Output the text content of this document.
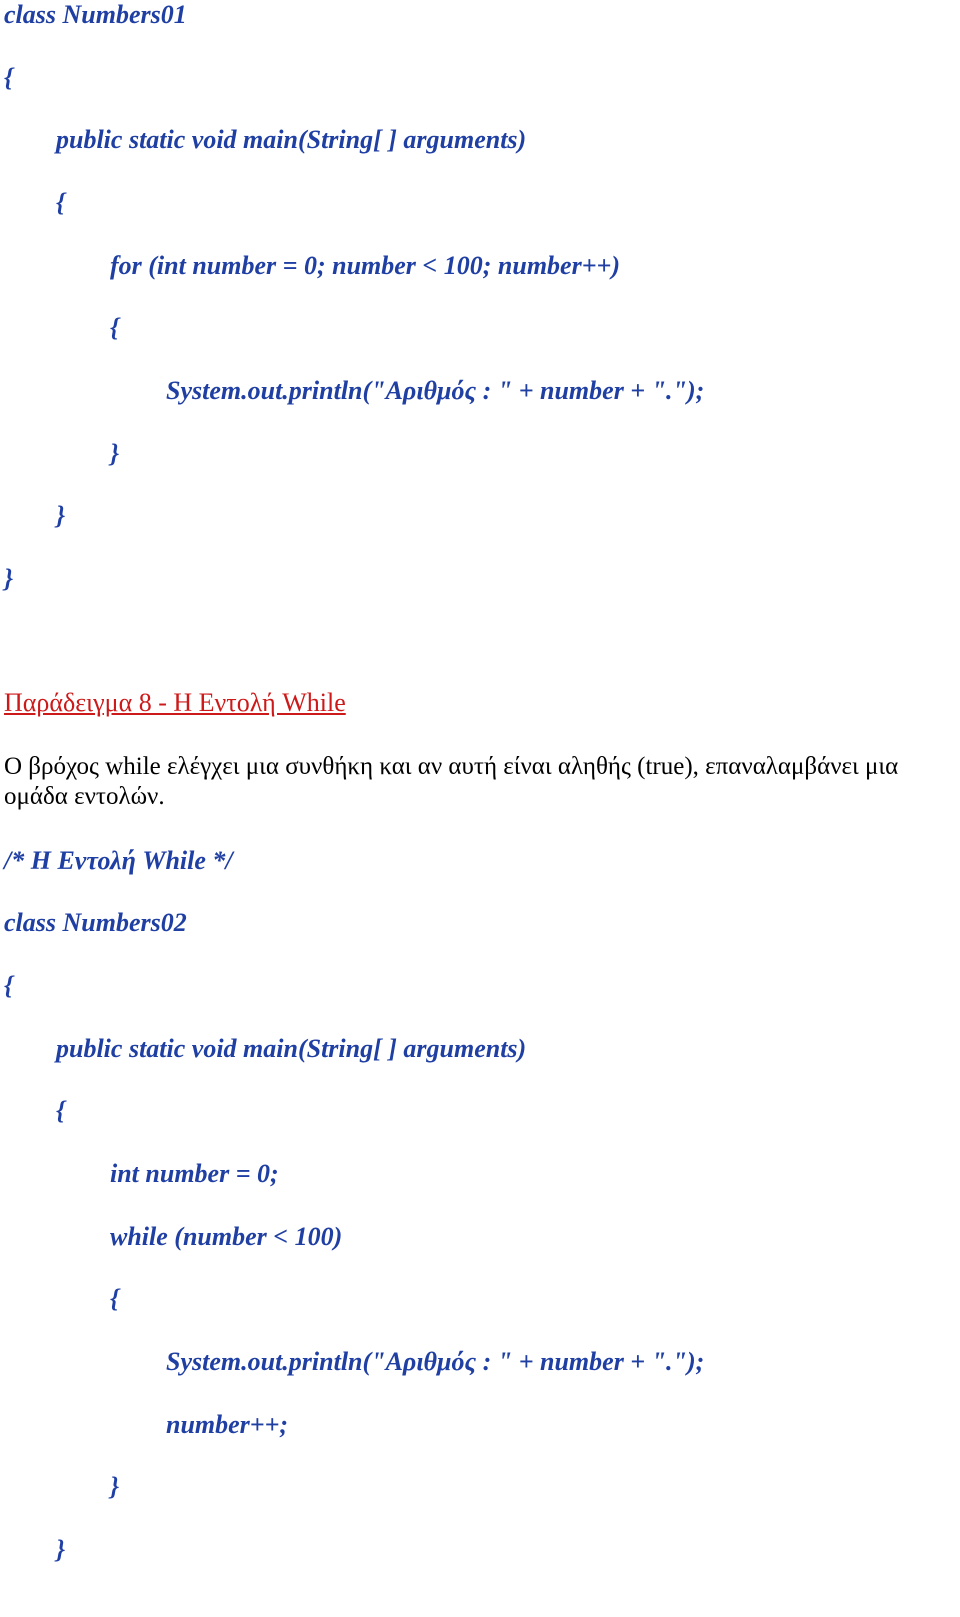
class Numbers01
{
public static void main(String[ ] arguments)
{
for (int number = 0; number < 100; number++)
{
System.out.println("Αριθμός : " + number + ".");
}
}
}
Παράδειγμα 8 - Η Εντολή While
Ο βρόχος while ελέγχει μια συνθήκη και αν αυτή είναι αληθής (true), επαναλαμβάνει μια ομάδα εντολών.
/* Η Εντολή While */
class Numbers02
{
public static void main(String[ ] arguments)
{
int number = 0;
while (number < 100)
{
System.out.println("Αριθμός : " + number + ".");
number++;
}
}
